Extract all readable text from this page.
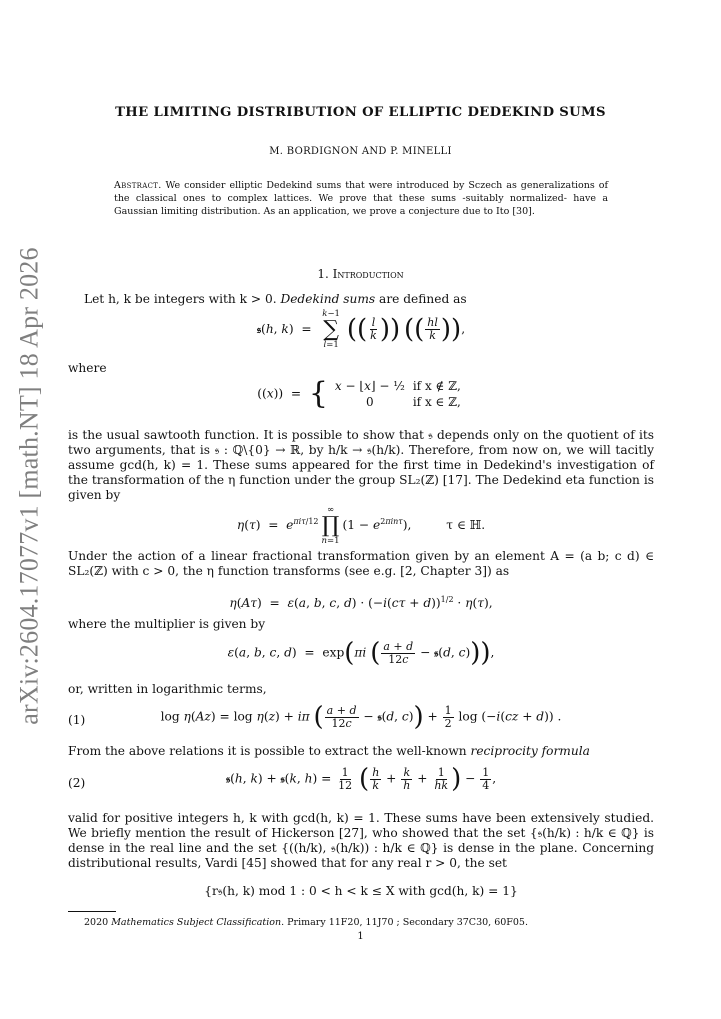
arXiv:2604.17077v1 [math.NT] 18 Apr 2026
THE LIMITING DISTRIBUTION OF ELLIPTIC DEDEKIND SUMS
M. BORDIGNON AND P. MINELLI
Abstract. We consider elliptic Dedekind sums that were introduced by Sczech as generalizations of the classical ones to complex lattices. We prove that these sums -suitably normalized- have a Gaussian limiting distribution. As an application, we prove a conjecture due to Ito [30].
1. Introduction
Let h, k be integers with k > 0. Dedekind sums are defined as
𝔰(h, k)  =
k−1
∑
l=1 (( $\frac{l}{k}$ )) (( $\frac{hl}{k}$ )),
where
((x))  = { x − ⌊x⌋ − ½	if x ∉ ℤ,
0	if x ∈ ℤ,
is the usual sawtooth function. It is possible to show that 𝔰 depends only on the quotient of its two arguments, that is 𝔰 : ℚ\{0} → ℝ, by h/k → 𝔰(h/k). Therefore, from now on, we will tacitly assume gcd(h, k) = 1. These sums appeared for the first time in Dedekind's investigation of the transformation of the η function under the group SL₂(ℤ) [17]. The Dedekind eta function is given by
$\eta(\tau) = e^{\pi i\tau/12}$
∞
∏
n=1
$(1 - e^{2\pi in\tau})$,         τ ∈ ℍ.
Under the action of a linear fractional transformation given by an element A = (a b; c d) ∈ SL₂(ℤ) with c > 0, the η function transforms (see e.g. [2, Chapter 3]) as
η(Aτ)  =  ε(a, b, c, $d) \cdot (-i(c\tau + d))^{1/2} \cdot \eta(\tau)$,
where the multiplier is given by
ε(a, b, c, d)  =  exp(πi ( $\frac{a + d}{12c}$ − 𝔰(d, c))),
or, written in logarithmic terms,
(1)	log η(Az) = log η(z) + iπ ( $\frac{a + d}{12c}$ − 𝔰(d, $c)) + \frac{1}{2}$ log (−i(cz + d)) .
From the above relations it is possible to extract the well-known reciprocity formula
(2)	𝔰(h, k) + 𝔰(k, $h) = \frac{1}{12}$ ( $\frac{h}{k} + \frac{k}{h} + \frac{1}{hk}$ ) − $\frac{1}{4}$ ,
valid for positive integers h, k with gcd(h, k) = 1. These sums have been extensively studied. We briefly mention the result of Hickerson [27], who showed that the set {𝔰(h/k) : h/k ∈ ℚ} is dense in the real line and the set {((h/k), 𝔰(h/k)) : h/k ∈ ℚ} is dense in the plane. Concerning distributional results, Vardi [45] showed that for any real r > 0, the set
{r𝔰(h, k) mod 1 : 0 < h < k ≤ X with gcd(h, k) = 1}
2020 Mathematics Subject Classification. Primary 11F20, 11J70 ; Secondary 37C30, 60F05.
1
